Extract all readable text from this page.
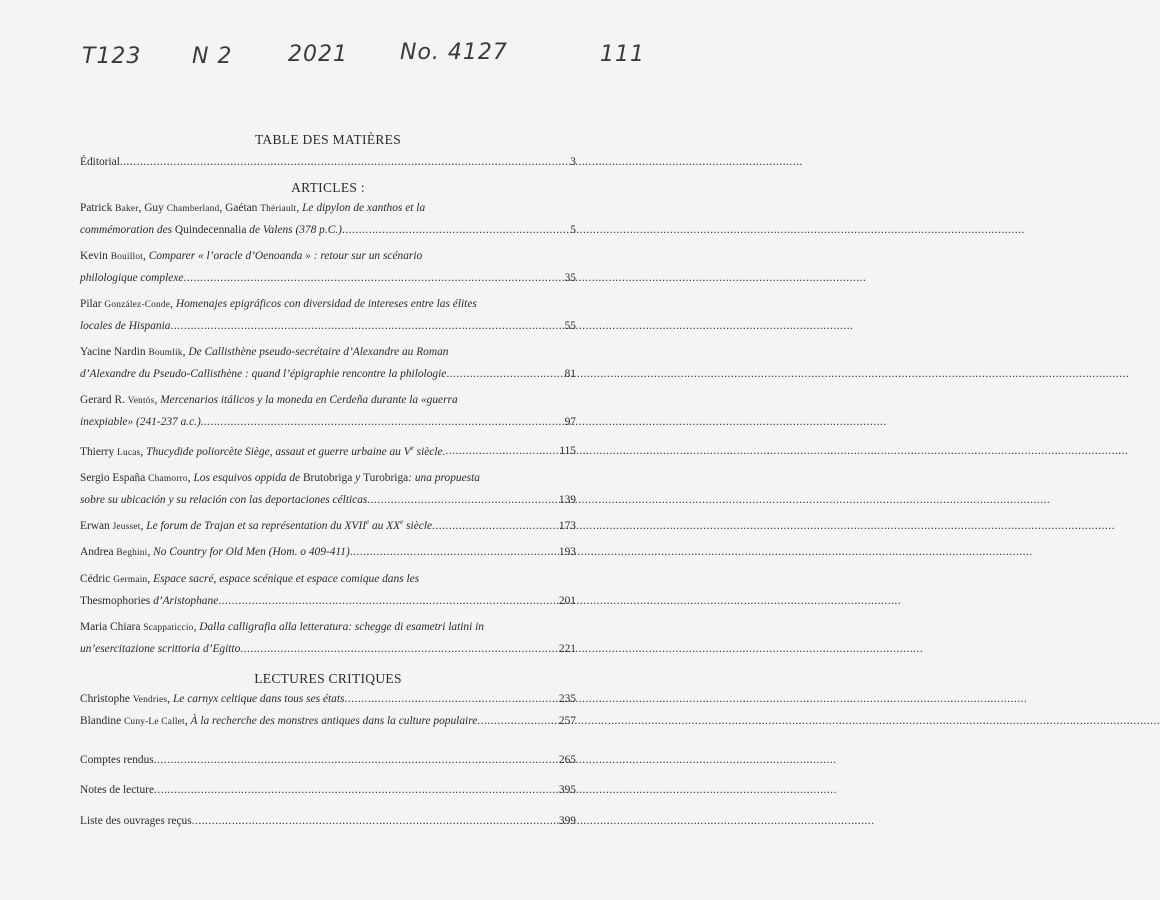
T123 N 2	2021 No. 4127	111
TABLE DES MATIÈRES
Éditorial .....	3
ARTICLES :
Patrick Baker, Guy Chamberland, Gaétan Thériault, Le dipylon de xanthos et la
commémoration des Quindecennalia de Valens (378 p.C.) .....	5
Kevin Bouillot, Comparer « l’oracle d’Oenoanda » : retour sur un scénario
philologique complexe .....	35
Pilar González-Conde, Homenajes epigráficos con diversidad de intereses entre las élites
locales de Hispania .....	55
Yacine Nardin Boumlik, De Callisthène pseudo-secrétaire d’Alexandre au Roman
d’Alexandre du Pseudo-Callisthène : quand l’épigraphie rencontre la philologie .....	81
Gerard R. Ventós, Mercenarios itálicos y la moneda en Cerdeña durante la «guerra
inexpiable» (241-237 a.c.). .....	97
Thierry Lucas, Thucydide poliorcète Siège, assaut et guerre urbaine au Ve siècle. .....	115
Sergio España Chamorro, Los esquivos oppida de Brutobriga y Turobriga: una propuesta
sobre su ubicación y su relación con las deportaciones célticas .....	139
Erwan Jeusset, Le forum de Trajan et sa représentation du XVIIe au XXe siècle .....	173
Andrea Beghini, No Country for Old Men (Hom. o 409-411) .....	193
Cédric Germain, Espace sacré, espace scénique et espace comique dans les
Thesmophories d’Aristophane .....	201
Maria Chiara Scappaticcio, Dalla calligrafia alla letteratura: schegge di esametri latini in
un’esercitazione scrittoria d’Egitto .....	221
LECTURES CRITIQUES
Christophe Vendries, Le carnyx celtique dans tous ses états .....	235
Blandine Cuny-Le Callet, À la recherche des monstres antiques dans la culture populaire .....	257
Comptes rendus .....	265
Notes de lecture .....	395
Liste des ouvrages reçus .....	399
